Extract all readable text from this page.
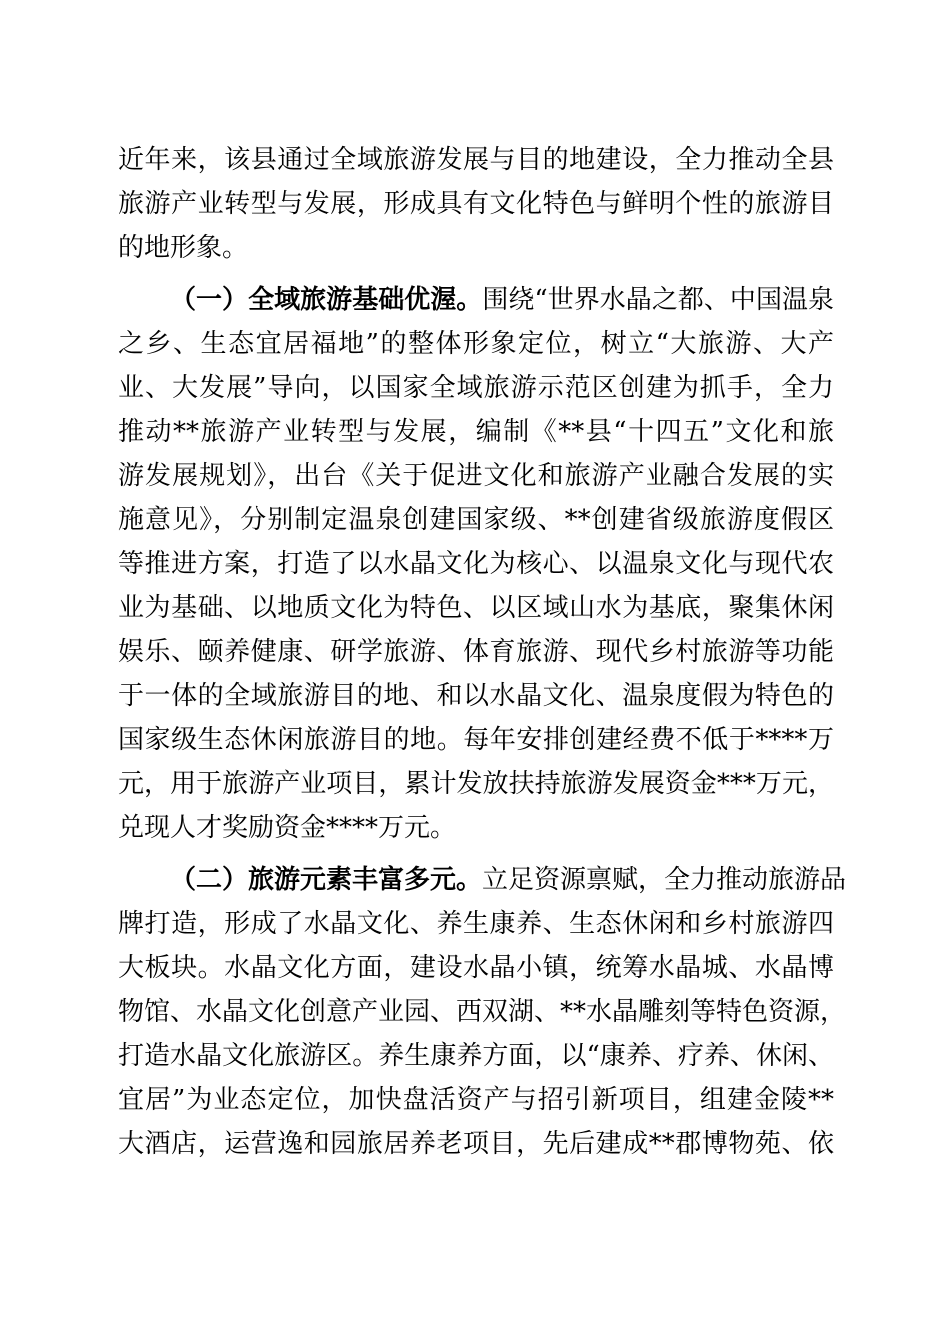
近年来，该县通过全域旅游发展与目的地建设，全力推动全县
旅游产业转型与发展，形成具有文化特色与鲜明个性的旅游目
的地形象。
（一）全域旅游基础优渥。围绕“世界水晶之都、中国温泉
之乡、生态宜居福地”的整体形象定位，树立“大旅游、大产
业、大发展”导向，以国家全域旅游示范区创建为抓手，全力
推动**旅游产业转型与发展，编制《**县“十四五”文化和旅
游发展规划》，出台《关于促进文化和旅游产业融合发展的实
施意见》，分别制定温泉创建国家级、**创建省级旅游度假区
等推进方案，打造了以水晶文化为核心、以温泉文化与现代农
业为基础、以地质文化为特色、以区域山水为基底，聚集休闲
娱乐、颐养健康、研学旅游、体育旅游、现代乡村旅游等功能
于一体的全域旅游目的地、和以水晶文化、温泉度假为特色的
国家级生态休闲旅游目的地。每年安排创建经费不低于****万
元，用于旅游产业项目，累计发放扶持旅游发展资金***万元，
兑现人才奖励资金****万元。
（二）旅游元素丰富多元。立足资源禀赋，全力推动旅游品
牌打造，形成了水晶文化、养生康养、生态休闲和乡村旅游四
大板块。水晶文化方面，建设水晶小镇，统筹水晶城、水晶博
物馆、水晶文化创意产业园、西双湖、**水晶雕刻等特色资源，
打造水晶文化旅游区。养生康养方面，以“康养、疗养、休闲、
宜居”为业态定位，加快盘活资产与招引新项目，组建金陵**
大酒店，运营逸和园旅居养老项目，先后建成**郡博物苑、依
